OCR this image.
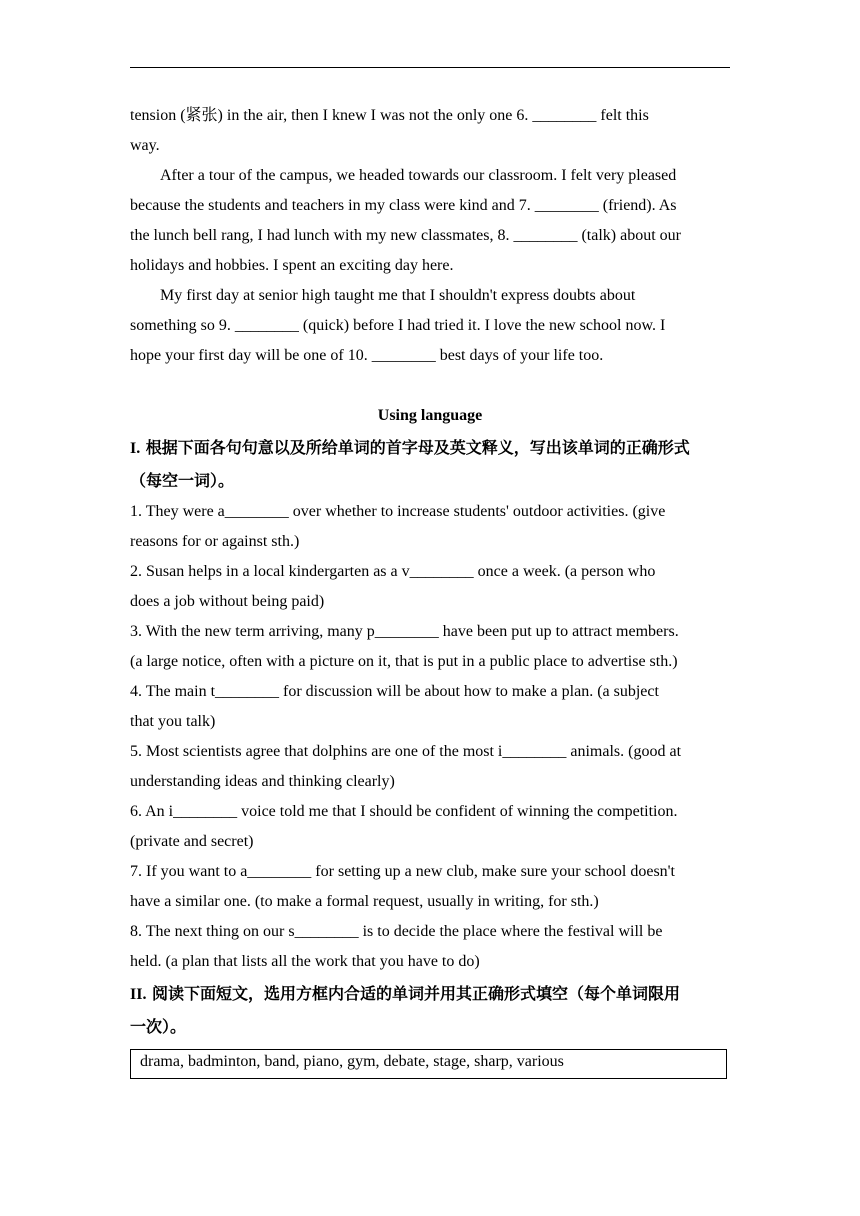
tension (紧张) in the air, then I knew I was not the only one 6. ________ felt this

way.

After a tour of the campus, we headed towards our classroom. I felt very pleased

because the students and teachers in my class were kind and 7. ________ (friend). As

the lunch bell rang, I had lunch with my new classmates, 8. ________ (talk) about our

holidays and hobbies. I spent an exciting day here.

My first day at senior high taught me that I shouldn't express doubts about

something so 9. ________ (quick) before I had tried it. I love the new school now. I

hope your first day will be one of 10. ________ best days of your life too.

Using language

I. 根据下面各句句意以及所给单词的首字母及英文释义，写出该单词的正确形式
（每空一词）。

1. They were a________ over whether to increase students' outdoor activities. (give

reasons for or against sth.)

2. Susan helps in a local kindergarten as a v________ once a week. (a person who

does a job without being paid)

3. With the new term arriving, many p________ have been put up to attract members.

(a large notice, often with a picture on it, that is put in a public place to advertise sth.)

4. The main t________ for discussion will be about how to make a plan. (a subject

that you talk)

5. Most scientists agree that dolphins are one of the most i________ animals. (good at

understanding ideas and thinking clearly)

6. An i________ voice told me that I should be confident of winning the competition.

(private and secret)

7. If you want to a________ for setting up a new club, make sure your school doesn't

have a similar one. (to make a formal request, usually in writing, for sth.)

8. The next thing on our s________ is to decide the place where the festival will be

held. (a plan that lists all the work that you have to do)

II. 阅读下面短文，选用方框内合适的单词并用其正确形式填空（每个单词限用
一次）。
drama, badminton, band, piano, gym, debate, stage, sharp, various
